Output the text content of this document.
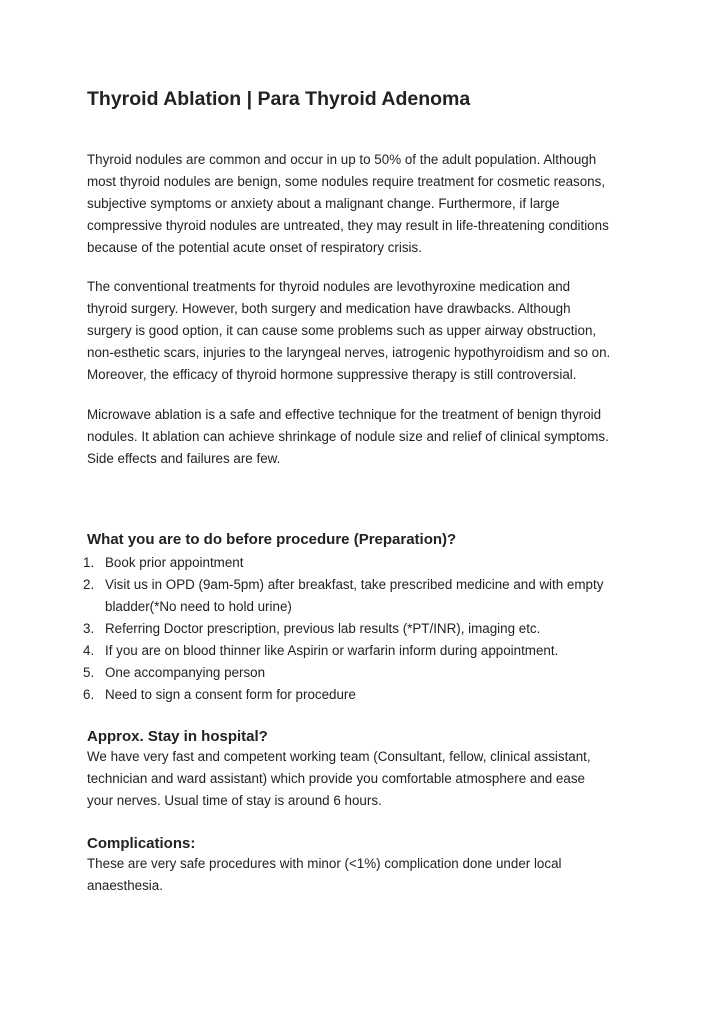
Thyroid Ablation | Para Thyroid Adenoma

Thyroid nodules are common and occur in up to 50% of the adult population. Although
most thyroid nodules are benign, some nodules require treatment for cosmetic reasons,
subjective symptoms or anxiety about a malignant change. Furthermore, if large
compressive thyroid nodules are untreated, they may result in life-threatening conditions
because of the potential acute onset of respiratory crisis.

The conventional treatments for thyroid nodules are levothyroxine medication and
thyroid surgery. However, both surgery and medication have drawbacks. Although
surgery is good option, it can cause some problems such as upper airway obstruction,
non-esthetic scars, injuries to the laryngeal nerves, iatrogenic hypothyroidism and so on.
Moreover, the efficacy of thyroid hormone suppressive therapy is still controversial.

Microwave ablation is a safe and effective technique for the treatment of benign thyroid
nodules. It ablation can achieve shrinkage of nodule size and relief of clinical symptoms.
Side effects and failures are few.

What you are to do before procedure (Preparation)?
1. Book prior appointment
2. Visit us in OPD (9am-5pm) after breakfast, take prescribed medicine and with empty
bladder(*No need to hold urine)
3. Referring Doctor prescription, previous lab results (*PT/INR), imaging etc.
4. If you are on blood thinner like Aspirin or warfarin inform during appointment.
5. One accompanying person
6. Need to sign a consent form for procedure
Approx. Stay in hospital?

We have very fast and competent working team (Consultant, fellow, clinical assistant,
technician and ward assistant) which provide you comfortable atmosphere and ease
your nerves. Usual time of stay is around 6 hours.

Complications:

These are very safe procedures with minor (<1%) complication done under local
anaesthesia.
